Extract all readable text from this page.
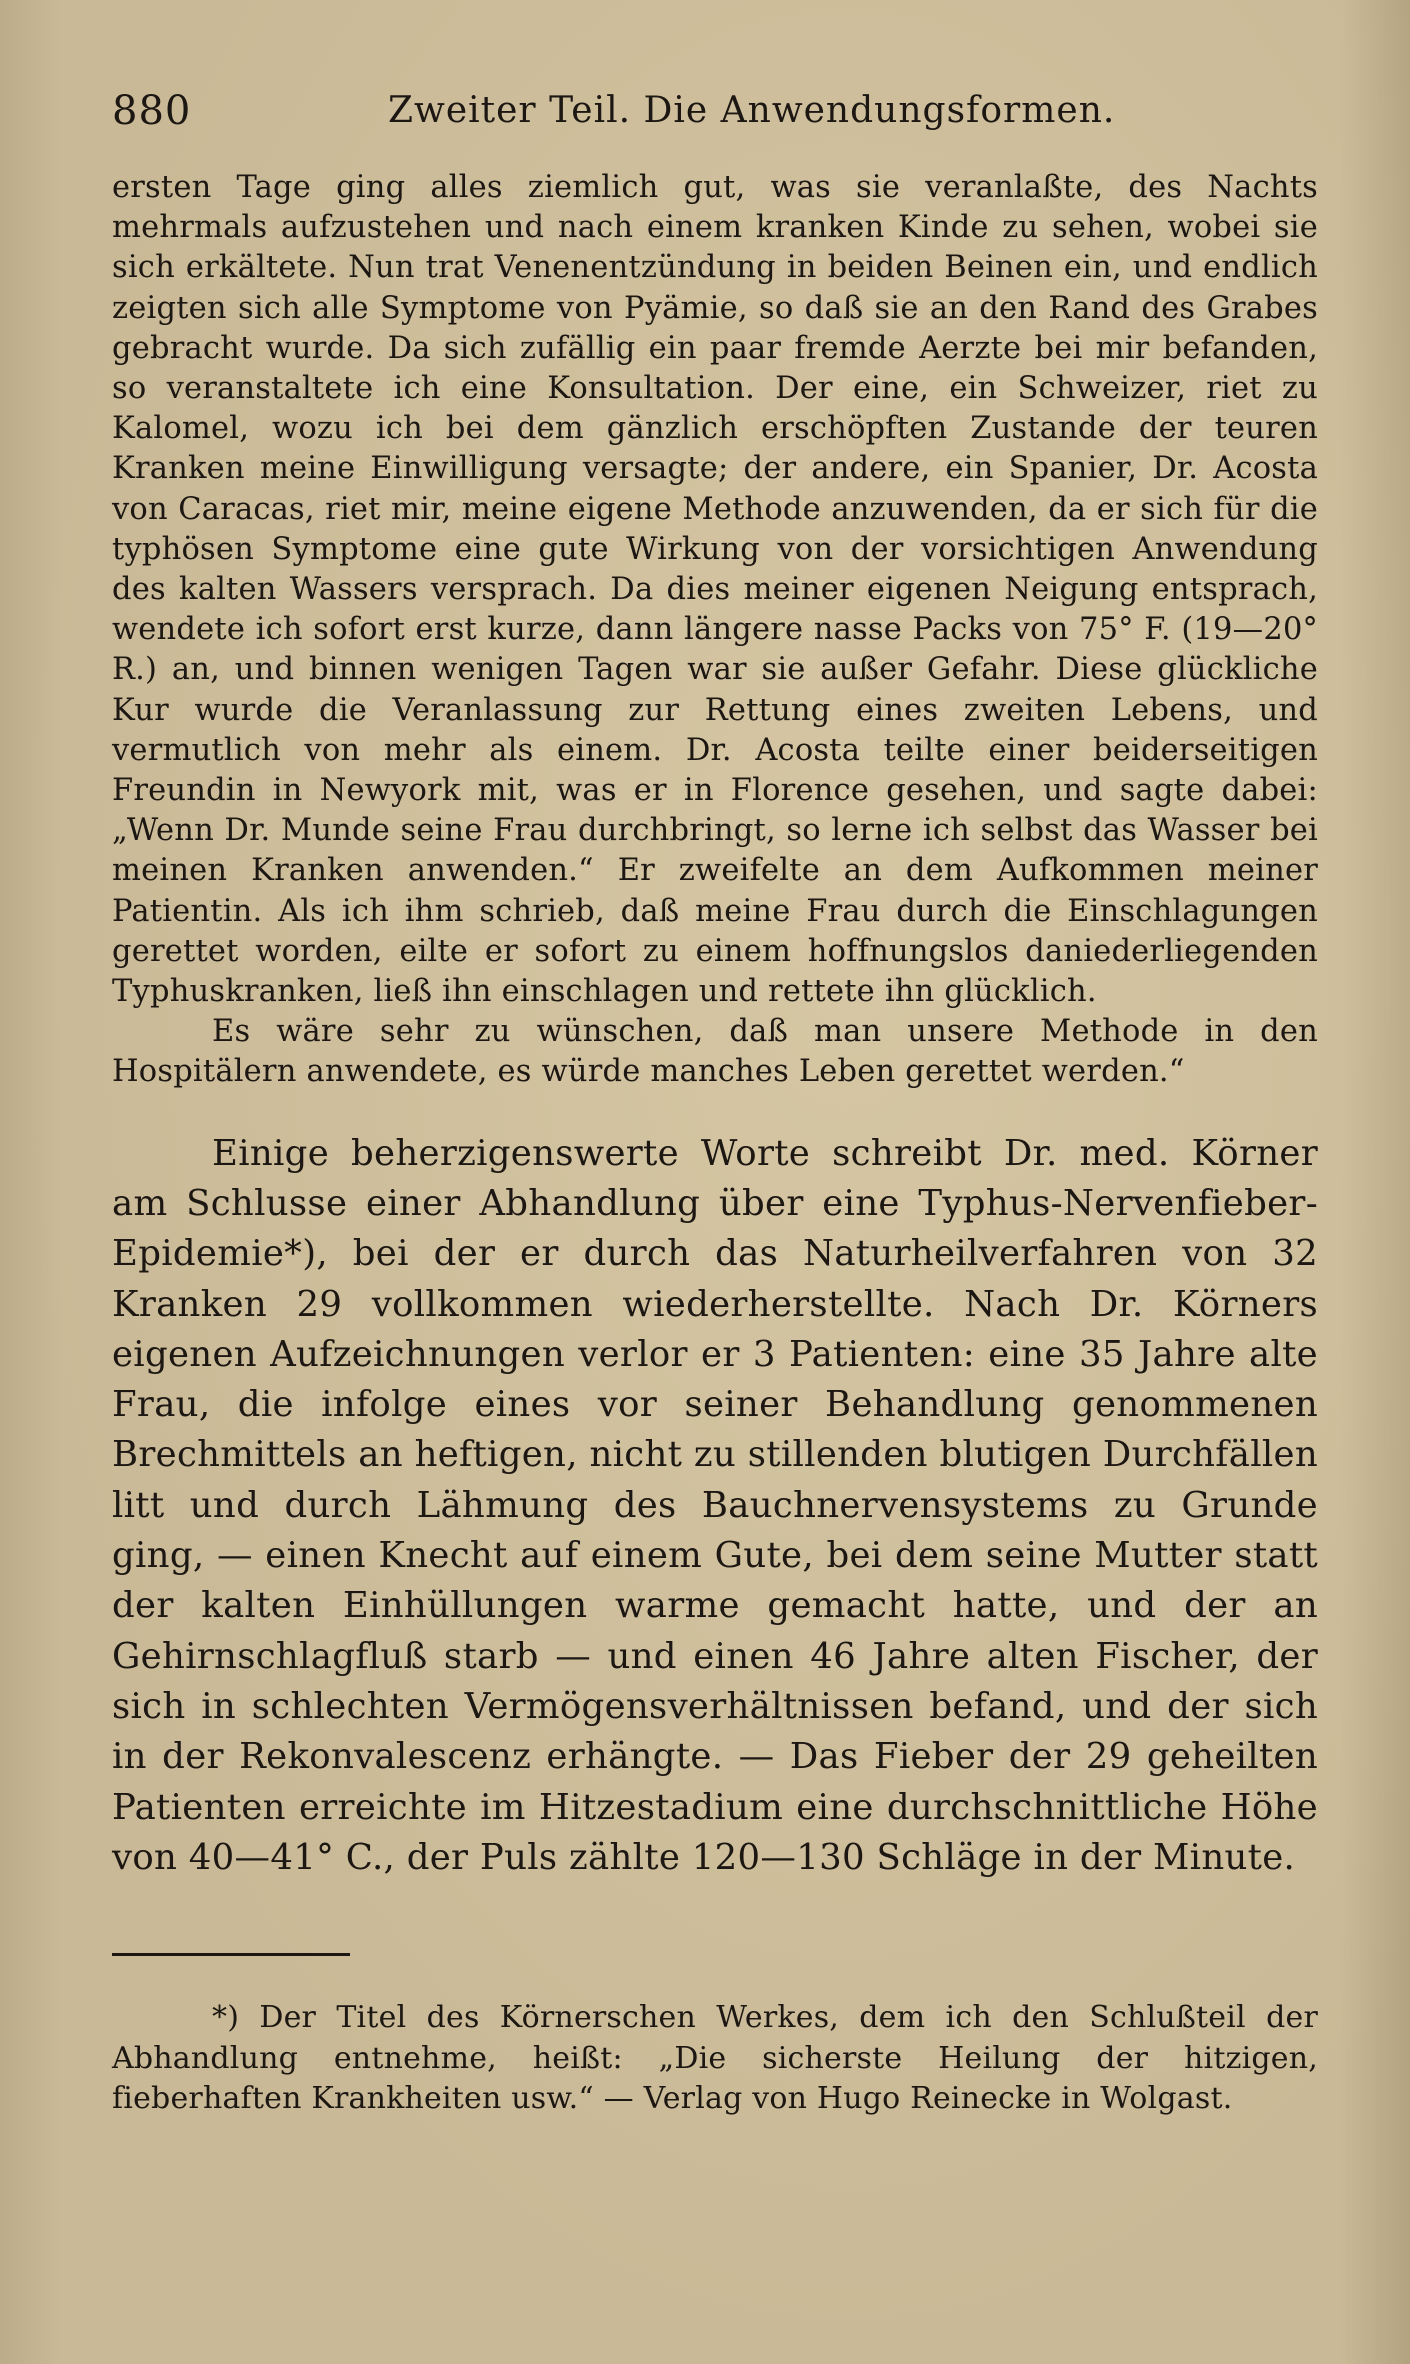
880	Zweiter Teil. Die Anwendungsformen.

ersten Tage ging alles ziemlich gut, was sie veranlaßte, des Nachts mehrmals aufzustehen und nach einem kranken Kinde zu sehen, wobei sie sich erkältete. Nun trat Venenentzündung in beiden Beinen ein, und endlich zeigten sich alle Symptome von Pyämie, so daß sie an den Rand des Grabes gebracht wurde. Da sich zufällig ein paar fremde Aerzte bei mir befanden, so veranstaltete ich eine Konsultation. Der eine, ein Schweizer, riet zu Kalomel, wozu ich bei dem gänzlich erschöpften Zustande der teuren Kranken meine Einwilligung versagte; der andere, ein Spanier, Dr. Acosta von Caracas, riet mir, meine eigene Methode anzuwenden, da er sich für die typhösen Symptome eine gute Wirkung von der vorsichtigen Anwendung des kalten Wassers versprach. Da dies meiner eigenen Neigung entsprach, wendete ich sofort erst kurze, dann längere nasse Packs von 75° F. (19—20° R.) an, und binnen wenigen Tagen war sie außer Gefahr. Diese glückliche Kur wurde die Veranlassung zur Rettung eines zweiten Lebens, und vermutlich von mehr als einem. Dr. Acosta teilte einer beiderseitigen Freundin in Newyork mit, was er in Florence gesehen, und sagte dabei: „Wenn Dr. Munde seine Frau durchbringt, so lerne ich selbst das Wasser bei meinen Kranken anwenden.“ Er zweifelte an dem Aufkommen meiner Patientin. Als ich ihm schrieb, daß meine Frau durch die Einschlagungen gerettet worden, eilte er sofort zu einem hoffnungslos daniederliegenden Typhuskranken, ließ ihn einschlagen und rettete ihn glücklich.

Es wäre sehr zu wünschen, daß man unsere Methode in den Hospitälern anwendete, es würde manches Leben gerettet werden.“

Einige beherzigenswerte Worte schreibt Dr. med. Körner am Schlusse einer Abhandlung über eine Typhus-Nervenfieber-Epidemie*), bei der er durch das Naturheilverfahren von 32 Kranken 29 vollkommen wiederherstellte. Nach Dr. Körners eigenen Aufzeichnungen verlor er 3 Patienten: eine 35 Jahre alte Frau, die infolge eines vor seiner Behandlung genommenen Brechmittels an heftigen, nicht zu stillenden blutigen Durchfällen litt und durch Lähmung des Bauchnervensystems zu Grunde ging, — einen Knecht auf einem Gute, bei dem seine Mutter statt der kalten Einhüllungen warme gemacht hatte, und der an Gehirnschlagfluß starb — und einen 46 Jahre alten Fischer, der sich in schlechten Vermögensverhältnissen befand, und der sich in der Rekonvalescenz erhängte. — Das Fieber der 29 geheilten Patienten erreichte im Hitzestadium eine durchschnittliche Höhe von 40—41° C., der Puls zählte 120—130 Schläge in der Minute.

*) Der Titel des Körnerschen Werkes, dem ich den Schlußteil der Abhandlung entnehme, heißt: „Die sicherste Heilung der hitzigen, fieberhaften Krankheiten usw.“ — Verlag von Hugo Reinecke in Wolgast.
